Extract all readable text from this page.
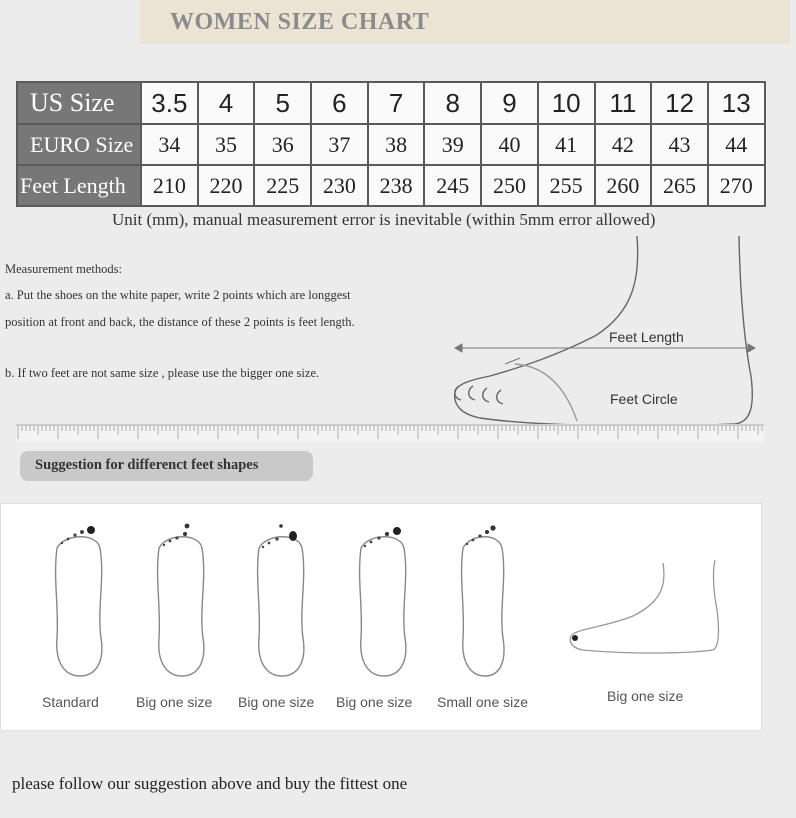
WOMEN SIZE CHART
US Size	3.5	4	5	6	7	8	9	10	11	12	13
EURO Size	34	35	36	37	38	39	40	41	42	43	44
Feet Length	210	220	225	230	238	245	250	255	260	265	270
Unit (mm), manual measurement error is inevitable (within 5mm error allowed)
Measurement methods:
a. Put the shoes on the white paper, write 2 points which are longgest
position at front and back, the distance of these 2 points is feet length.
b. If two feet are not same size , please use the bigger one size.
Feet Length
Feet Circle
Suggestion for differenct feet shapes
Standard	Big one size Big one size Big one size Small one size	Big one size
please follow our suggestion above and buy the fittest one
